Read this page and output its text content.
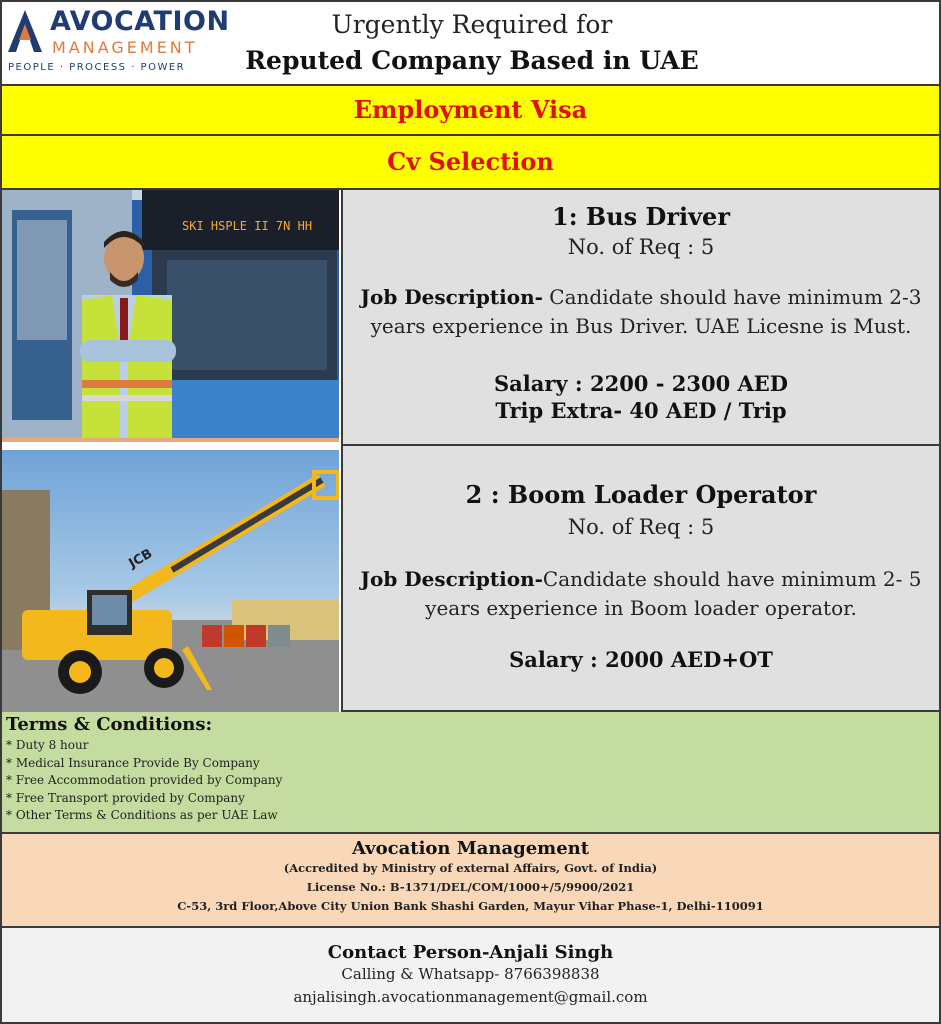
AVOCATION
MANAGEMENT
PEOPLE · PROCESS · POWER
Urgently Required for
Reputed Company Based in UAE
Employment Visa
Cv Selection
SKI HSPLE II 7N HH	1: Bus Driver
No. of Req : 5
Job Description- Candidate should have minimum 2-3 years experience in Bus Driver. UAE Licesne is Must.
Salary : 2200 - 2300 AED
Trip Extra- 40 AED / Trip
JCB
2 : Boom Loader Operator
No. of Req : 5
Job Description-Candidate should have minimum 2- 5 years experience in Boom loader operator.
Salary : 2000 AED+OT
Terms & Conditions:
* Duty 8 hour
* Medical Insurance Provide By Company
* Free Accommodation provided by Company
* Free Transport provided by Company
* Other Terms & Conditions as per UAE Law
Avocation Management
(Accredited by Ministry of external Affairs, Govt. of India)
License No.: B-1371/DEL/COM/1000+/5/9900/2021
C-53, 3rd Floor,Above City Union Bank Shashi Garden, Mayur Vihar Phase-1, Delhi-110091
Contact Person-Anjali Singh
Calling & Whatsapp- 8766398838
anjalisingh.avocationmanagement@gmail.com
